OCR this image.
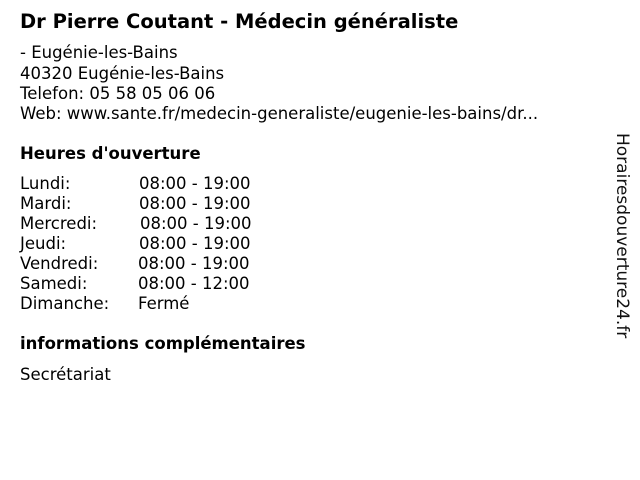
Dr Pierre Coutant - Médecin généraliste
- Eugénie-les-Bains
40320 Eugénie-les-Bains
Telefon: 05 58 05 06 06
Web: www.sante.fr/medecin-generaliste/eugenie-les-bains/dr...
Heures d'ouverture
Lundi:	08:00 - 19:00
Mardi:	08:00 - 19:00
Mercredi:	08:00 - 19:00
Jeudi:	08:00 - 19:00
Vendredi: 08:00 - 19:00
Samedi:	08:00 - 12:00
Dimanche: Fermé
informations complémentaires
Secrétariat
Horairesdouverture24.fr
